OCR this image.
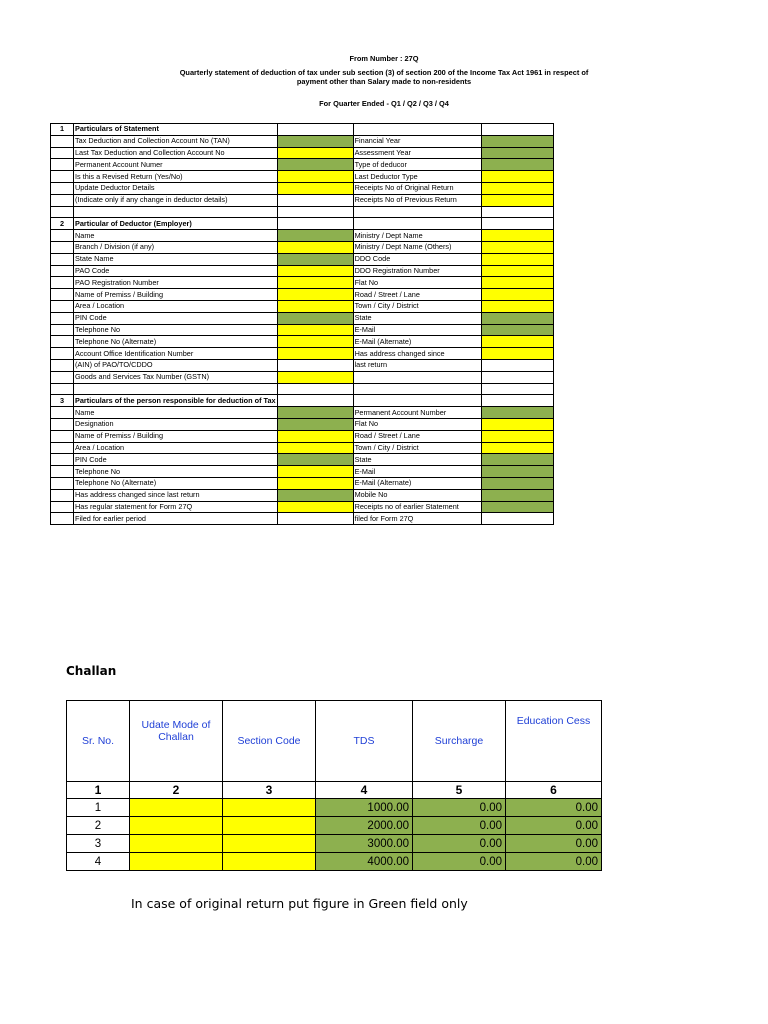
From Number : 27Q
Quarterly statement of deduction of tax under sub section (3) of section 200 of the Income Tax Act 1961 in respect of
payment other than Salary made to non-residents
For Quarter Ended - Q1 / Q2 / Q3 / Q4
1	Particulars of Statement			
	Tax Deduction and Collection Account No (TAN)		Financial Year	
	Last Tax Deduction and Collection Account No		Assessment Year	
	Permanent Account Numer		Type of deducor	
	Is this a Revised Return (Yes/No)		Last Deductor Type	
	Update Deductor Details		Receipts No of Original Return	
	(Indicate only if any change in deductor details)		Receipts No of Previous Return	

2	Particular of Deductor (Employer)			
	Name		Ministry / Dept Name	
	Branch / Division (if any)		Ministry / Dept Name (Others)	
	State Name		DDO Code	
	PAO Code		DDO Registration Number	
	PAO Registration Number		Flat No	
	Name of Premiss / Building		Road / Street / Lane	
	Area / Location		Town / City / District	
	PIN Code		State	
	Telephone No		E-Mail	
	Telephone No (Alternate)		E-Mail (Alternate)	
	Account Office Identification Number		Has address changed since	
	(AIN) of PAO/TO/CDDO		last return	
	Goods and Services Tax Number (GSTN)			

3	Particulars of the person responsible for deduction of Tax			
	Name		Permanent Account Number	
	Designation		Flat No	
	Name of Premiss / Building		Road / Street / Lane	
	Area / Location		Town / City / District	
	PIN Code		State	
	Telephone No		E-Mail	
	Telephone No (Alternate)		E-Mail (Alternate)	
	Has address changed since last return		Mobile No	
	Has regular statement for Form 27Q		Receipts no of earlier Statement	
	Filed for earlier period		filed for Form 27Q	
Challan
Sr. No.	Udate Mode of Challan	Section Code	TDS	Surcharge	Education Cess
1	2	3	4	5	6
1			1000.00	0.00	0.00
2			2000.00	0.00	0.00
3			3000.00	0.00	0.00
4			4000.00	0.00	0.00
In case of original return put figure in Green field only
